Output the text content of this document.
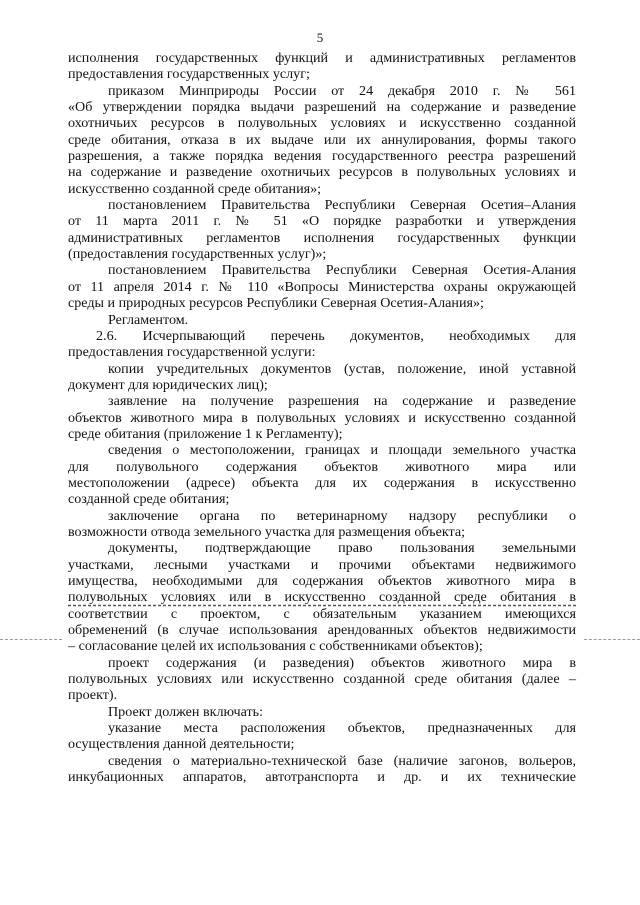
5
исполнения государственных функций и административных регламентов
предоставления государственных услуг;
приказом Минприроды России от 24 декабря 2010 г. № 561
«Об утверждении порядка выдачи разрешений на содержание и разведение
охотничьих ресурсов в полувольных условиях и искусственно созданной
среде обитания, отказа в их выдаче или их аннулирования, формы такого
разрешения, а также порядка ведения государственного реестра разрешений
на содержание и разведение охотничьих ресурсов в полувольных условиях и
искусственно созданной среде обитания»;
постановлением Правительства Республики Северная Осетия–Алания
от 11 марта 2011 г. № 51 «О порядке разработки и утверждения
административных регламентов исполнения государственных функции
(предоставления государственных услуг)»;
постановлением Правительства Республики Северная Осетия-Алания
от 11 апреля 2014 г. № 110 «Вопросы Министерства охраны окружающей
среды и природных ресурсов Республики Северная Осетия-Алания»;
Регламентом.
2.6. Исчерпывающий перечень документов, необходимых для
предоставления государственной услуги:
копии учредительных документов (устав, положение, иной уставной
документ для юридических лиц);
заявление на получение разрешения на содержание и разведение
объектов животного мира в полувольных условиях и искусственно созданной
среде обитания (приложение 1 к Регламенту);
сведения о местоположении, границах и площади земельного участка
для полувольного содержания объектов животного мира или
местоположении (адресе) объекта для их содержания в искусственно
созданной среде обитания;
заключение органа по ветеринарному надзору республики о
возможности отвода земельного участка для размещения объекта;
документы, подтверждающие право пользования земельными
участками, лесными участками и прочими объектами недвижимого
имущества, необходимыми для содержания объектов животного мира в
полувольных условиях или в искусственно созданной среде обитания в
соответствии с проектом, с обязательным указанием имеющихся
обременений (в случае использования арендованных объектов недвижимости
– согласование целей их использования с собственниками объектов);
проект содержания (и разведения) объектов животного мира в
полувольных условиях или искусственно созданной среде обитания (далее –
проект).
Проект должен включать:
указание места расположения объектов, предназначенных для
осуществления данной деятельности;
сведения о материально-технической базе (наличие загонов, вольеров,
инкубационных аппаратов, автотранспорта и др. и их технические
